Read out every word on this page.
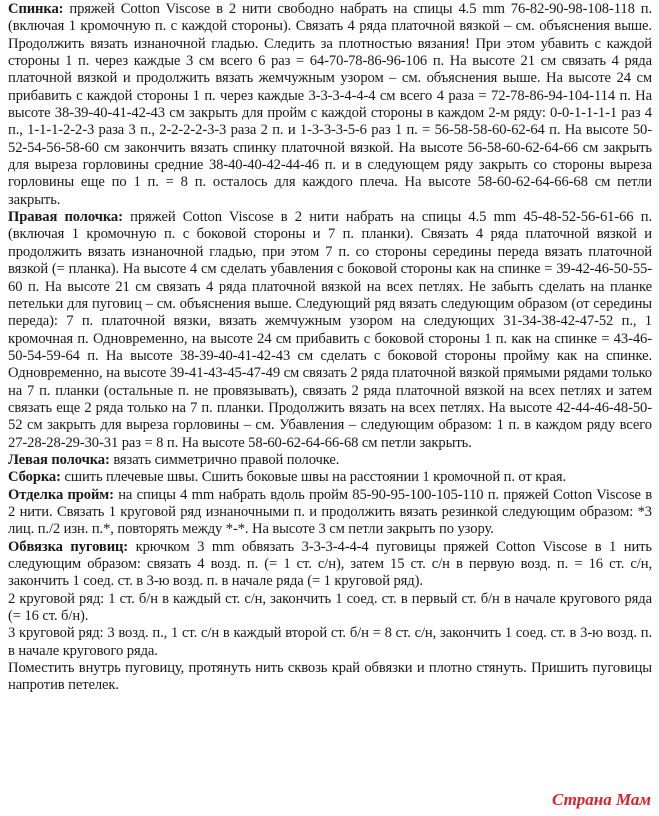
Спинка: пряжей Cotton Viscose в 2 нити свободно набрать на спицы 4.5 mm 76-82-90-98-108-118 п. (включая 1 кромочную п. с каждой стороны). Связать 4 ряда платочной вязкой – см. объяснения выше. Продолжить вязать изнаночной гладью. Следить за плотностью вязания! При этом убавить с каждой стороны 1 п. через каждые 3 см всего 6 раз = 64-70-78-86-96-106 п. На высоте 21 см связать 4 ряда платочной вязкой и продолжить вязать жемчужным узором – см. объяснения выше. На высоте 24 см прибавить с каждой стороны 1 п. через каждые 3-3-3-4-4-4 см всего 4 раза = 72-78-86-94-104-114 п. На высоте 38-39-40-41-42-43 см закрыть для пройм с каждой стороны в каждом 2-м ряду: 0-0-1-1-1-1 раз 4 п., 1-1-1-2-2-3 раза 3 п., 2-2-2-2-3-3 раза 2 п. и 1-3-3-3-5-6 раз 1 п. = 56-58-58-60-62-64 п. На высоте 50-52-54-56-58-60 см закончить вязать спинку платочной вязкой. На высоте 56-58-60-62-64-66 см закрыть для выреза горловины средние 38-40-40-42-44-46 п. и в следующем ряду закрыть со стороны выреза горловины еще по 1 п. = 8 п. осталось для каждого плеча. На высоте 58-60-62-64-66-68 см петли закрыть.

Правая полочка: пряжей Cotton Viscose в 2 нити набрать на спицы 4.5 mm 45-48-52-56-61-66 п. (включая 1 кромочную п. с боковой стороны и 7 п. планки). Связать 4 ряда платочной вязкой и продолжить вязать изнаночной гладью, при этом 7 п. со стороны середины переда вязать платочной вязкой (= планка). На высоте 4 см сделать убавления с боковой стороны как на спинке = 39-42-46-50-55-60 п. На высоте 21 см связать 4 ряда платочной вязкой на всех петлях. Не забыть сделать на планке петельки для пуговиц – см. объяснения выше. Следующий ряд вязать следующим образом (от середины переда): 7 п. платочной вязки, вязать жемчужным узором на следующих 31-34-38-42-47-52 п., 1 кромочная п. Одновременно, на высоте 24 см прибавить с боковой стороны 1 п. как на спинке = 43-46-50-54-59-64 п. На высоте 38-39-40-41-42-43 см сделать с боковой стороны пройму как на спинке. Одновременно, на высоте 39-41-43-45-47-49 см связать 2 ряда платочной вязкой прямыми рядами только на 7 п. планки (остальные п. не провязывать), связать 2 ряда платочной вязкой на всех петлях и затем связать еще 2 ряда только на 7 п. планки. Продолжить вязать на всех петлях. На высоте 42-44-46-48-50-52 см закрыть для выреза горловины – см. Убавления – следующим образом: 1 п. в каждом ряду всего 27-28-28-29-30-31 раз = 8 п. На высоте 58-60-62-64-66-68 см петли закрыть.

Левая полочка: вязать симметрично правой полочке.

Сборка: сшить плечевые швы. Сшить боковые швы на расстоянии 1 кромочной п. от края.

Отделка пройм: на спицы 4 mm набрать вдоль пройм 85-90-95-100-105-110 п. пряжей Cotton Viscose в 2 нити. Связать 1 круговой ряд изнаночными п. и продолжить вязать резинкой следующим образом: *3 лиц. п./2 изн. п.*, повторять между *-*. На высоте 3 см петли закрыть по узору.

Обвязка пуговиц: крючком 3 mm обвязать 3-3-3-4-4-4 пуговицы пряжей Cotton Viscose в 1 нить следующим образом: связать 4 возд. п. (= 1 ст. с/н), затем 15 ст. с/н в первую возд. п. = 16 ст. с/н, закончить 1 соед. ст. в 3-ю возд. п. в начале ряда (= 1 круговой ряд).

2 круговой ряд: 1 ст. б/н в каждый ст. с/н, закончить 1 соед. ст. в первый ст. б/н в начале кругового ряда (= 16 ст. б/н).

3 круговой ряд: 3 возд. п., 1 ст. с/н в каждый второй ст. б/н = 8 ст. с/н, закончить 1 соед. ст. в 3-ю возд. п. в начале кругового ряда.

Поместить внутрь пуговицу, протянуть нить сквозь край обвязки и плотно стянуть. Пришить пуговицы напротив петелек.

Страна Мам
